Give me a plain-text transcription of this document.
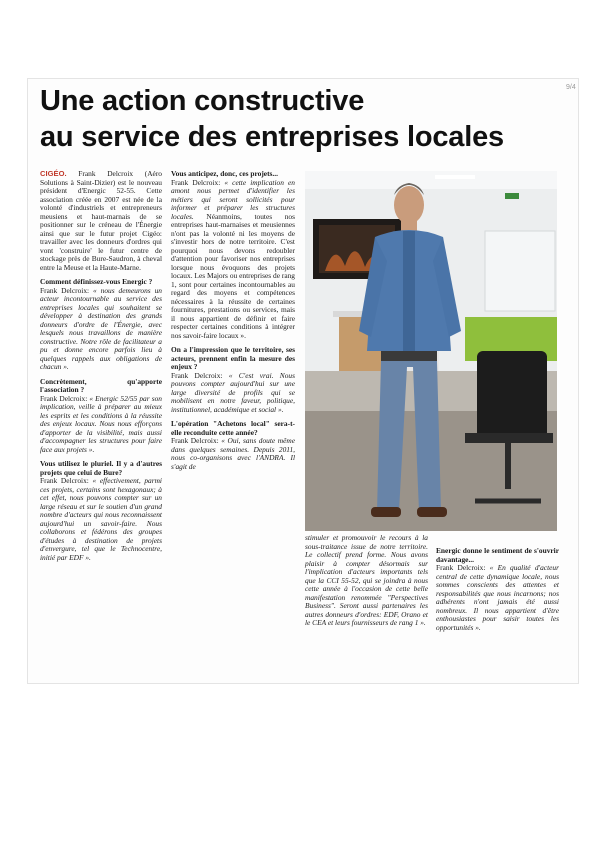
9/4
Une action constructive
au service des entreprises locales

CIGÉO. Frank Delcroix (Aéro Solutions à Saint-Dizier) est le nouveau président d'Energic 52-55. Cette association créée en 2007 est née de la volonté d'industriels et entrepreneurs meusiens et haut-marnais de se positionner sur le créneau de l'Énergie ainsi que sur le futur projet Cigéo: travailler avec les donneurs d'ordres qui vont 'construire' le futur centre de stockage près de Bure-Saudron, à cheval entre la Meuse et la Haute-Marne.

Comment définissez-vous Energic ?

Frank Delcroix: « nous demeurons un acteur incontournable au service des entreprises locales qui souhaitent se développer à destination des grands donneurs d'ordre de l'Énergie, avec lesquels nous travaillons de manière constructive. Notre rôle de facilitateur a pu et donne encore parfois lieu à quelques rappels aux obligations de chacun ».

Concrètement, qu'apporte l'association ?

Frank Delcroix: « Energic 52/55 par son implication, veille à préparer au mieux les esprits et les conditions à la réussite des enjeux locaux. Nous nous efforçons d'apporter de la visibilité, mais aussi d'accompagner les structures pour faire face aux projets ».

Vous utilisez le pluriel. Il y a d'autres projets que celui de Bure?

Frank Delcroix: « effectivement, parmi ces projets, certains sont hexagonaux; à cet effet, nous pouvons compter sur un large réseau et sur le soutien d'un grand nombre d'acteurs qui nous reconnaissent aujourd'hui un savoir-faire. Nous collaborons et fédérons des groupes d'études à destination de projets d'envergure, tel que le Technocentre, initié par EDF ».

Vous anticipez, donc, ces projets...

Frank Delcroix: « cette implication en amont nous permet d'identifier les métiers qui seront sollicités pour informer et préparer les structures locales. Néanmoins, toutes nos entreprises haut-marnaises et meusiennes n'ont pas la volonté ni les moyens de s'investir hors de notre territoire. C'est pourquoi nous devons redoubler d'attention pour favoriser nos entreprises lorsque nous évoquons des projets locaux. Les Majors ou entreprises de rang 1, sont pour certaines incontournables au regard des moyens et compétences nécessaires à la réussite de certaines fournitures, prestations ou services, mais il nous appartient de définir et faire respecter certaines conditions à intégrer nos savoir-faire locaux ».

On a l'impression que le territoire, ses acteurs, prennent enfin la mesure des enjeux ?

Frank Delcroix: « C'est vrai. Nous pouvons compter aujourd'hui sur une large diversité de profils qui se mobilisent en notre faveur, politique, institutionnel, académique et social ».

L'opération "Achetons local" sera-t-elle reconduite cette année?

Frank Delcroix: « Oui, sans doute même dans quelques semaines. Depuis 2011, nous co-organisons avec l'ANDRA. Il s'agit de

Energic donne le sentiment de s'ouvrir davantage...

Frank Delcroix: « En qualité d'acteur central de cette dynamique locale, nous sommes conscients des attentes et responsabilités que nous incarnons; nos adhérents n'ont jamais été aussi nombreux. Il nous appartient d'être enthousiastes pour saisir toutes les opportunités ».

stimuler et promouvoir le recours à la sous-traitance issue de notre territoire. Le collectif prend forme. Nous avons plaisir à compter désormais sur l'implication d'acteurs importants tels que la CCI 55-52, qui se joindra à nous cette année à l'occasion de cette belle manifestation renommée "Perspectives Business". Seront aussi partenaires les autres donneurs d'ordres: EDF, Orano et le CEA et leurs fournisseurs de rang 1 ».
